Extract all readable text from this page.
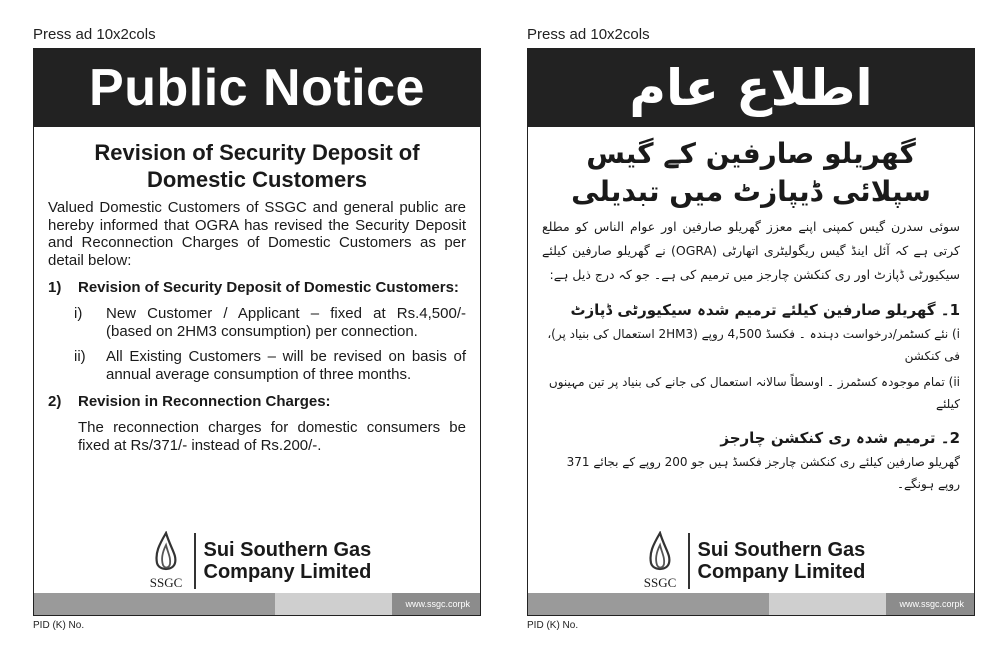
Press ad 10x2cols
Public Notice
Revision of Security Deposit of Domestic Customers
Valued Domestic Customers of SSGC and general public are hereby informed that OGRA has revised the Security Deposit and Reconnection Charges of Domestic Customers as per detail below:
1)	Revision of Security Deposit of Domestic Customers:
i)	New Customer / Applicant – fixed at Rs.4,500/- (based on 2HM3 consumption) per connection.
ii)	All Existing Customers – will be revised on basis of annual average consumption of three months.
2)	Revision in Reconnection Charges:
The reconnection charges for domestic consumers be fixed at Rs/371/- instead of Rs.200/-.
SSGC
Sui Southern Gas
Company Limited
www.ssgc.corpk
PID (K) No.
Press ad 10x2cols
اطلاع عام
گھریلو صارفین کے گیس سپلائی ڈیپازٹ میں تبدیلی
سوئی سدرن گیس کمپنی اپنے معزز گھریلو صارفین اور عوام الناس کو مطلع کرتی ہے کہ آئل اینڈ گیس ریگولیٹری اتھارٹی (OGRA) نے گھریلو صارفین کیلئے سیکیورٹی ڈپازٹ اور ری کنکشن چارجز میں ترمیم کی ہے۔ جو کہ درج ذیل ہے:
1۔ گھریلو صارفین کیلئے ترمیم شدہ سیکیورٹی ڈپازٹ
i) نئے کسٹمر/درخواست دہندہ ۔ فکسڈ 4,500 روپے (2HM3 استعمال کی بنیاد پر)، فی کنکشن
ii) تمام موجودہ کسٹمرز ۔ اوسطاً سالانہ استعمال کی جانے کی بنیاد پر تین مہینوں کیلئے
2۔ ترمیم شدہ ری کنکشن چارجز
گھریلو صارفین کیلئے ری کنکشن چارجز فکسڈ ہیں جو 200 روپے کے بجائے 371 روپے ہونگے۔
SSGC
Sui Southern Gas
Company Limited
www.ssgc.corpk
PID (K) No.
